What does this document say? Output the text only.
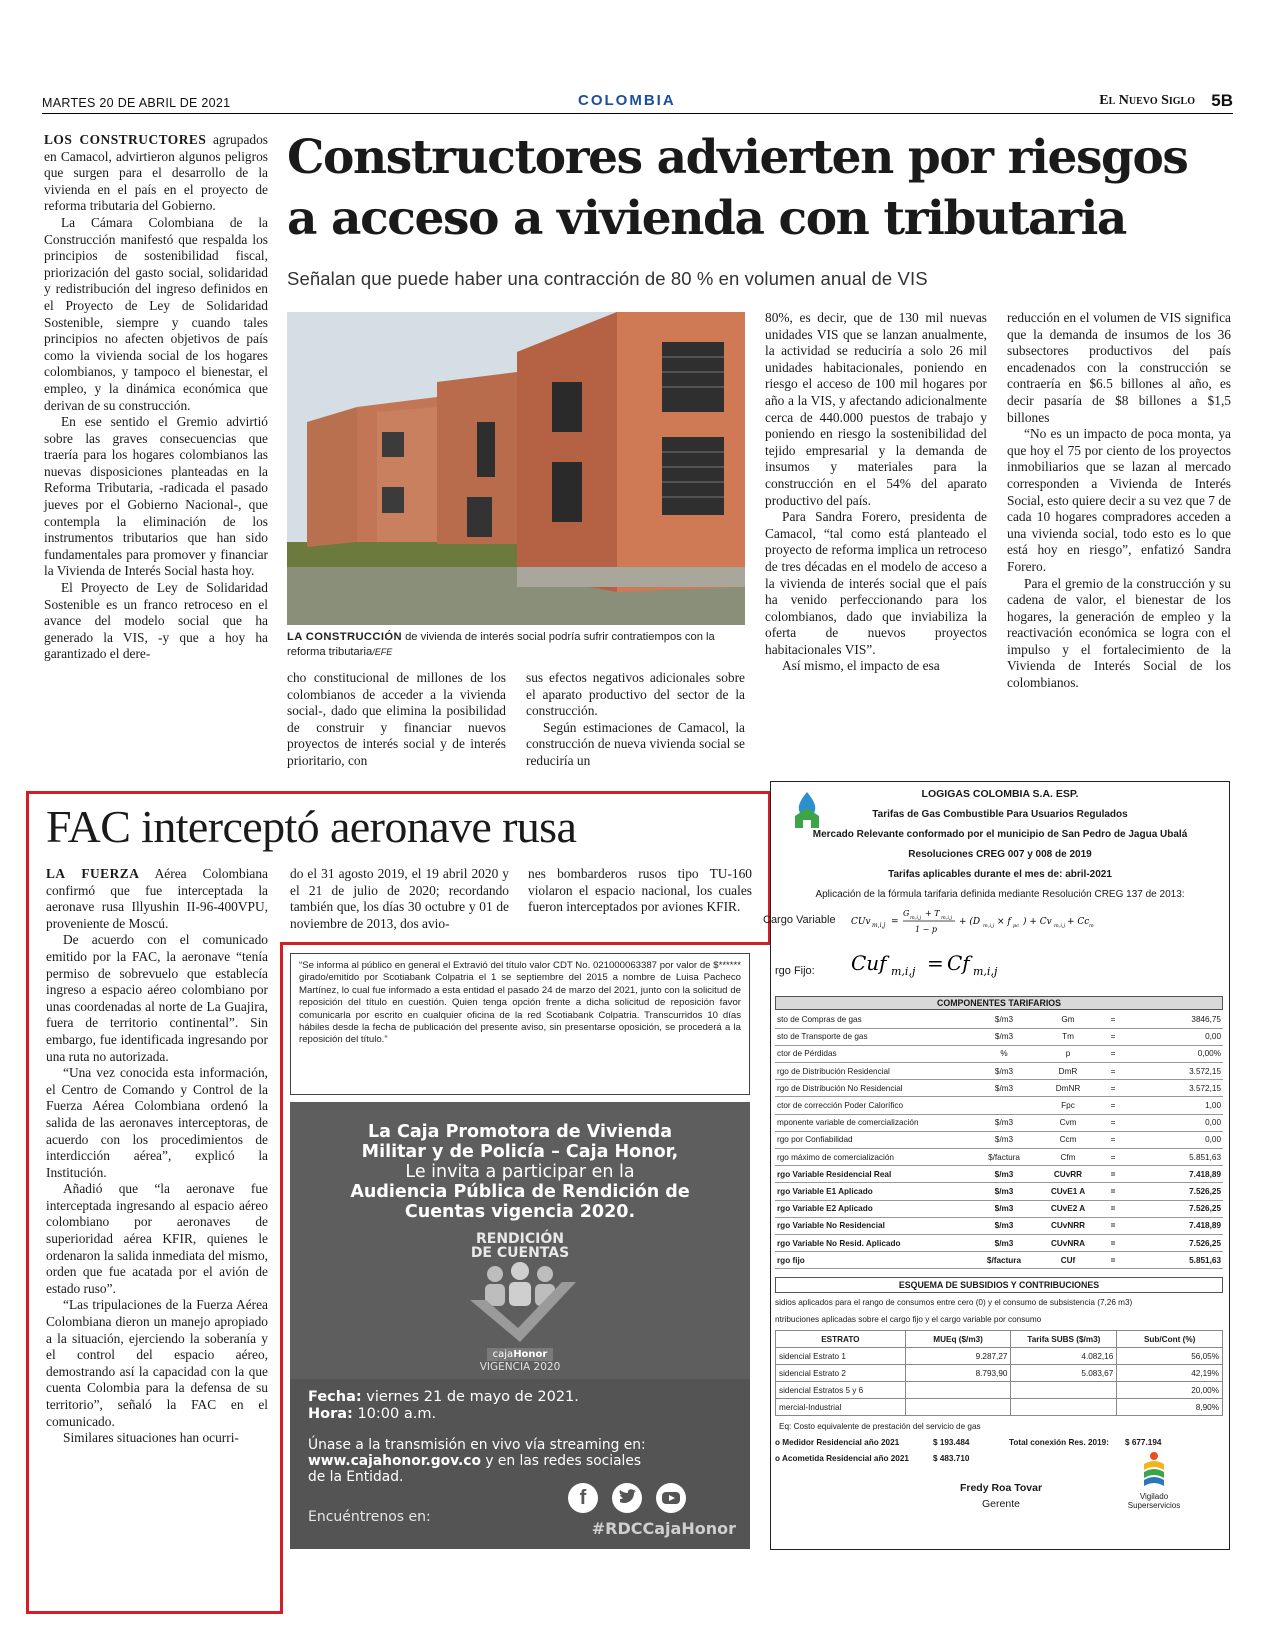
MARTES 20 DE ABRIL DE 2021	COLOMBIA	El Nuevo Siglo 5B
Constructores advierten por riesgos
a acceso a vivienda con tributaria
Señalan que puede haber una contracción de 80 % en volumen anual de VIS

LOS CONSTRUCTORES agrupados en Camacol, advirtieron algunos peligros que surgen para el desarrollo de la vivienda en el país en el proyecto de reforma tributaria del Gobierno.

La Cámara Colombiana de la Construcción manifestó que respalda los principios de sostenibilidad fiscal, priorización del gasto social, solidaridad y redistribución del ingreso definidos en el Proyecto de Ley de Solidaridad Sostenible, siempre y cuando tales principios no afecten objetivos de país como la vivienda social de los hogares colombianos, y tampoco el bienestar, el empleo, y la dinámica económica que derivan de su construcción.

En ese sentido el Gremio advirtió sobre las graves consecuencias que traería para los hogares colombianos las nuevas disposiciones planteadas en la Reforma Tributaria, -radicada el pasado jueves por el Gobierno Nacional-, que contempla la eliminación de los instrumentos tributarios que han sido fundamentales para promover y financiar la Vivienda de Interés Social hasta hoy.

El Proyecto de Ley de Solidaridad Sostenible es un franco retroceso en el avance del modelo social que ha generado la VIS, -y que a hoy ha garantizado el dere-

LA CONSTRUCCIÓN de vivienda de interés social podría sufrir contratiempos con la reforma tributaria/EFE

cho constitucional de millones de los colombianos de acceder a la vivienda social-, dado que elimina la posibilidad de construir y financiar nuevos proyectos de interés social y de interés prioritario, con

sus efectos negativos adicionales sobre el aparato productivo del sector de la construcción.

Según estimaciones de Camacol, la construcción de nueva vivienda social se reduciría un

80%, es decir, que de 130 mil nuevas unidades VIS que se lanzan anualmente, la actividad se reduciría a solo 26 mil unidades habitacionales, poniendo en riesgo el acceso de 100 mil hogares por año a la VIS, y afectando adicionalmente cerca de 440.000 puestos de trabajo y poniendo en riesgo la sostenibilidad del tejido empresarial y la demanda de insumos y materiales para la construcción en el 54% del aparato productivo del país.

Para Sandra Forero, presidenta de Camacol, “tal como está planteado el proyecto de reforma implica un retroceso de tres décadas en el modelo de acceso a la vivienda de interés social que el país ha venido perfeccionando para los colombianos, dado que inviabiliza la oferta de nuevos proyectos habitacionales VIS”.

Así mismo, el impacto de esa

reducción en el volumen de VIS significa que la demanda de insumos de los 36 subsectores productivos del país encadenados con la construcción se contraería en $6.5 billones al año, es decir pasaría de $8 billones a $1,5 billones

“No es un impacto de poca monta, ya que hoy el 75 por ciento de los proyectos inmobiliarios que se lazan al mercado corresponden a Vivienda de Interés Social, esto quiere decir a su vez que 7 de cada 10 hogares compradores acceden a una vivienda social, todo esto es lo que está hoy en riesgo”, enfatizó Sandra Forero.

Para el gremio de la construcción y su cadena de valor, el bienestar de los hogares, la generación de empleo y la reactivación económica se logra con el impulso y el fortalecimiento de la Vivienda de Interés Social de los colombianos.

FAC interceptó aeronave rusa

LA FUERZA Aérea Colombiana confirmó que fue interceptada la aeronave rusa Illyushin II-96-400VPU, proveniente de Moscú.

De acuerdo con el comunicado emitido por la FAC, la aeronave “tenía permiso de sobrevuelo que establecía ingreso a espacio aéreo colombiano por unas coordenadas al norte de La Guajira, fuera de territorio continental”. Sin embargo, fue identificada ingresando por una ruta no autorizada.

“Una vez conocida esta información, el Centro de Comando y Control de la Fuerza Aérea Colombiana ordenó la salida de las aeronaves interceptoras, de acuerdo con los procedimientos de interdicción aérea”, explicó la Institución.

Añadió que “la aeronave fue interceptada ingresando al espacio aéreo colombiano por aeronaves de superioridad aérea KFIR, quienes le ordenaron la salida inmediata del mismo, orden que fue acatada por el avión de estado ruso”.

“Las tripulaciones de la Fuerza Aérea Colombiana dieron un manejo apropiado a la situación, ejerciendo la soberanía y el control del espacio aéreo, demostrando así la capacidad con la que cuenta Colombia para la defensa de su territorio”, señaló la FAC en el comunicado.

Similares situaciones han ocurri-

do el 31 agosto 2019, el 19 abril 2020 y el 21 de julio de 2020; recordando también que, los días 30 octubre y 01 de noviembre de 2013, dos avio-

nes bombarderos rusos tipo TU-160 violaron el espacio nacional, los cuales fueron interceptados por aviones KFIR.

“Se informa al público en general el Extravió del título valor CDT No. 021000063387 por valor de $****** girado/emitido por Scotiabank Colpatria el 1 se septiembre del 2015 a nombre de Luisa Pacheco Martínez, lo cual fue informado a esta entidad el pasado 24 de marzo del 2021, junto con la solicitud de reposición del título en cuestión. Quien tenga opción frente a dicha solicitud de reposición favor comunicarla por escrito en cualquier oficina de la red Scotiabank Colpatria. Transcurridos 10 días hábiles desde la fecha de publicación del presente aviso, sin presentarse oposición, se procederá a la reposición del título.”
La Caja Promotora de Vivienda
Militar y de Policía – Caja Honor,
Le invita a participar en la
Audiencia Pública de Rendición de
Cuentas vigencia 2020.
RENDICIÓN
DE CUENTAS
cajaHonor
VIGENCIA 2020
Fecha: viernes 21 de mayo de 2021.
Hora: 10:00 a.m.
Únase a la transmisión en vivo vía streaming en:
www.cajahonor.gov.co y en las redes sociales
de la Entidad.
Encuéntrenos en:
f
#RDCCajaHonor
LOGIGAS COLOMBIA S.A. ESP.
Tarifas de Gas Combustible Para Usuarios Regulados
Mercado Relevante conformado por el municipio de San Pedro de Jagua Ubalá
Resoluciones CREG 007 y 008 de 2019
Tarifas aplicables durante el mes de: abril-2021
Aplicación de la fórmula tarifaria definida mediante Resolución CREG 137 de 2013:
Cargo Variable CUv m,i,j =
G m,i,j + T m,i,j
1 − p
+ (D m,i,j × f pc ) + Cv m,i,j + Cc m
rgo Fijo: Cuf m,i,j = Cf m,i,j
COMPONENTES TARIFARIOS
sto de Compras de gas	$/m3	Gm	=	3846,75
sto de Transporte de gas	$/m3	Tm	=	0,00
ctor de Pérdidas	%	p	=	0,00%
rgo de Distribución Residencial	$/m3	DmR	=	3.572,15
rgo de Distribución No Residencial	$/m3	DmNR	=	3.572,15
ctor de corrección Poder Calorífico		Fpc	=	1,00
mponente variable de comercialización	$/m3	Cvm	=	0,00
rgo por Confiabilidad	$/m3	Ccm	=	0,00
rgo máximo de comercialización	$/factura	Cfm	=	5.851,63
rgo Variable Residencial Real	$/m3	CUvRR	=	7.418,89
rgo Variable E1 Aplicado	$/m3	CUvE1 A	=	7.526,25
rgo Variable E2 Aplicado	$/m3	CUvE2 A	=	7.526,25
rgo Variable No Residencial	$/m3	CUvNRR	=	7.418,89
rgo Variable No Resid. Aplicado	$/m3	CUvNRA	=	7.526,25
rgo fijo	$/factura	CUf	=	5.851,63
ESQUEMA DE SUBSIDIOS Y CONTRIBUCIONES
sidios aplicados para el rango de consumos entre cero (0) y el consumo de subsistencia (7,26 m3)
ntribuciones aplicadas sobre el cargo fijo y el cargo variable por consumo
ESTRATO	MUEq ($/m3)	Tarifa SUBS ($/m3)	Sub/Cont (%)
sidencial Estrato 1	9.287,27	4.082,16	56,05%
sidencial Estrato 2	8.793,90	5.083,67	42,19%
sidencial Estratos 5 y 6			20,00%
mercial-Industrial			8,90%
Eq: Costo equivalente de prestación del servicio de gas
o Medidor Residencial año 2021	$ 193.484	Total conexión Res. 2019: $ 677.194
o Acometida Residencial año 2021	$ 483.710
Fredy Roa Tovar
Gerente
Vigilado
Superservicios
